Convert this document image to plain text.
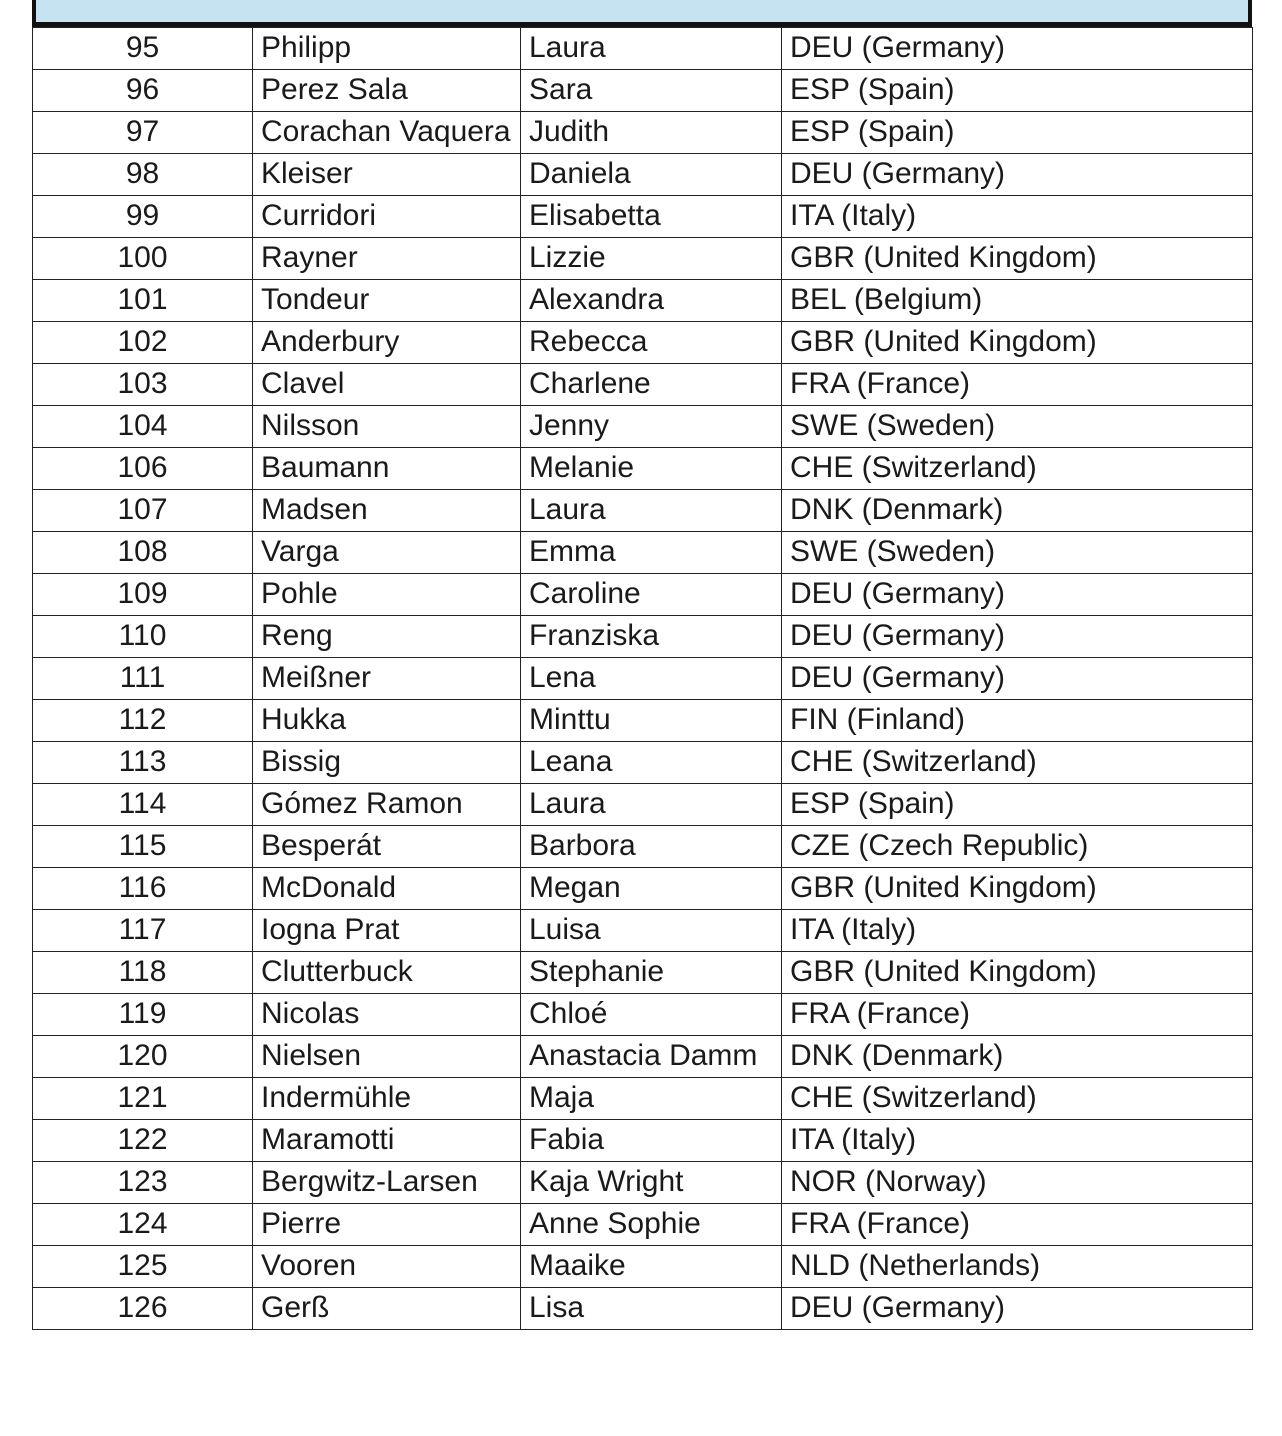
95	Philipp	Laura	DEU (Germany)
96	Perez Sala	Sara	ESP (Spain)
97	Corachan Vaquera	Judith	ESP (Spain)
98	Kleiser	Daniela	DEU (Germany)
99	Curridori	Elisabetta	ITA (Italy)
100	Rayner	Lizzie	GBR (United Kingdom)
101	Tondeur	Alexandra	BEL (Belgium)
102	Anderbury	Rebecca	GBR (United Kingdom)
103	Clavel	Charlene	FRA (France)
104	Nilsson	Jenny	SWE (Sweden)
106	Baumann	Melanie	CHE (Switzerland)
107	Madsen	Laura	DNK (Denmark)
108	Varga	Emma	SWE (Sweden)
109	Pohle	Caroline	DEU (Germany)
110	Reng	Franziska	DEU (Germany)
111	Meißner	Lena	DEU (Germany)
112	Hukka	Minttu	FIN (Finland)
113	Bissig	Leana	CHE (Switzerland)
114	Gómez Ramon	Laura	ESP (Spain)
115	Besperát	Barbora	CZE (Czech Republic)
116	McDonald	Megan	GBR (United Kingdom)
117	Iogna Prat	Luisa	ITA (Italy)
118	Clutterbuck	Stephanie	GBR (United Kingdom)
119	Nicolas	Chloé	FRA (France)
120	Nielsen	Anastacia Damm	DNK (Denmark)
121	Indermühle	Maja	CHE (Switzerland)
122	Maramotti	Fabia	ITA (Italy)
123	Bergwitz-Larsen	Kaja Wright	NOR (Norway)
124	Pierre	Anne Sophie	FRA (France)
125	Vooren	Maaike	NLD (Netherlands)
126	Gerß	Lisa	DEU (Germany)
